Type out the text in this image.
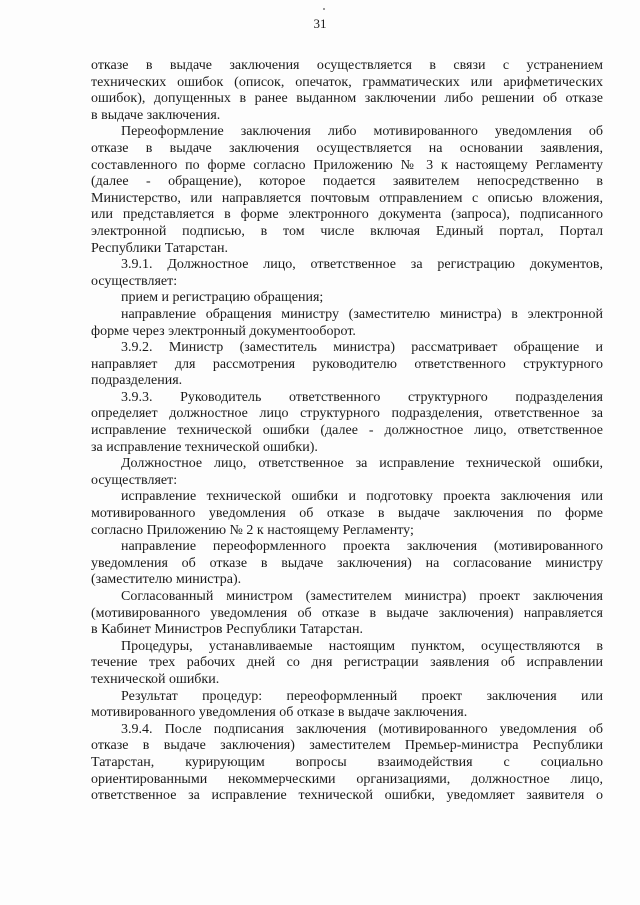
31
отказе в выдаче заключения осуществляется в связи с устранением
технических ошибок (описок, опечаток, грамматических или арифметических
ошибок), допущенных в ранее выданном заключении либо решении об отказе
в выдаче заключения.
Переоформление заключения либо мотивированного уведомления об
отказе в выдаче заключения осуществляется на основании заявления,
составленного по форме согласно Приложению № 3 к настоящему Регламенту
(далее - обращение), которое подается заявителем непосредственно в
Министерство, или направляется почтовым отправлением с описью вложения,
или представляется в форме электронного документа (запроса), подписанного
электронной подписью, в том числе включая Единый портал, Портал
Республики Татарстан.
3.9.1. Должностное лицо, ответственное за регистрацию документов,
осуществляет:
прием и регистрацию обращения;
направление обращения министру (заместителю министра) в электронной
форме через электронный документооборот.
3.9.2. Министр (заместитель министра) рассматривает обращение и
направляет для рассмотрения руководителю ответственного структурного
подразделения.
3.9.3. Руководитель ответственного структурного подразделения
определяет должностное лицо структурного подразделения, ответственное за
исправление технической ошибки (далее - должностное лицо, ответственное
за исправление технической ошибки).
Должностное лицо, ответственное за исправление технической ошибки,
осуществляет:
исправление технической ошибки и подготовку проекта заключения или
мотивированного уведомления об отказе в выдаче заключения по форме
согласно Приложению № 2 к настоящему Регламенту;
направление переоформленного проекта заключения (мотивированного
уведомления об отказе в выдаче заключения) на согласование министру
(заместителю министра).
Согласованный министром (заместителем министра) проект заключения
(мотивированного уведомления об отказе в выдаче заключения) направляется
в Кабинет Министров Республики Татарстан.
Процедуры, устанавливаемые настоящим пунктом, осуществляются в
течение трех рабочих дней со дня регистрации заявления об исправлении
технической ошибки.
Результат процедур: переоформленный проект заключения или
мотивированного уведомления об отказе в выдаче заключения.
3.9.4. После подписания заключения (мотивированного уведомления об
отказе в выдаче заключения) заместителем Премьер-министра Республики
Татарстан, курирующим вопросы взаимодействия с социально
ориентированными некоммерческими организациями, должностное лицо,
ответственное за исправление технической ошибки, уведомляет заявителя о
